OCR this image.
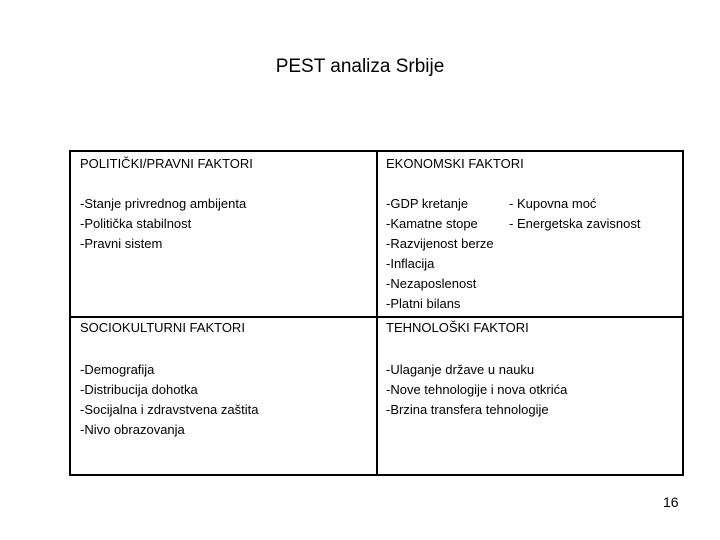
PEST analiza Srbije
POLITIČKI/PRAVNI FAKTORI	EKONOMSKI FAKTORI
-Stanje privrednog ambijenta
-Politička stabilnost
-Pravni sistem
-GDP kretanje
-Kamatne stope
-Razvijenost berze
-Inflacija
-Nezaposlenost
-Platni bilans
- Kupovna moć
- Energetska zavisnost
SOCIOKULTURNI FAKTORI	TEHNOLOŠKI FAKTORI
-Demografija
-Distribucija dohotka
-Socijalna i zdravstvena zaštita
-Nivo obrazovanja
-Ulaganje države u nauku
-Nove tehnologije i nova otkrića
-Brzina transfera tehnologije
16
